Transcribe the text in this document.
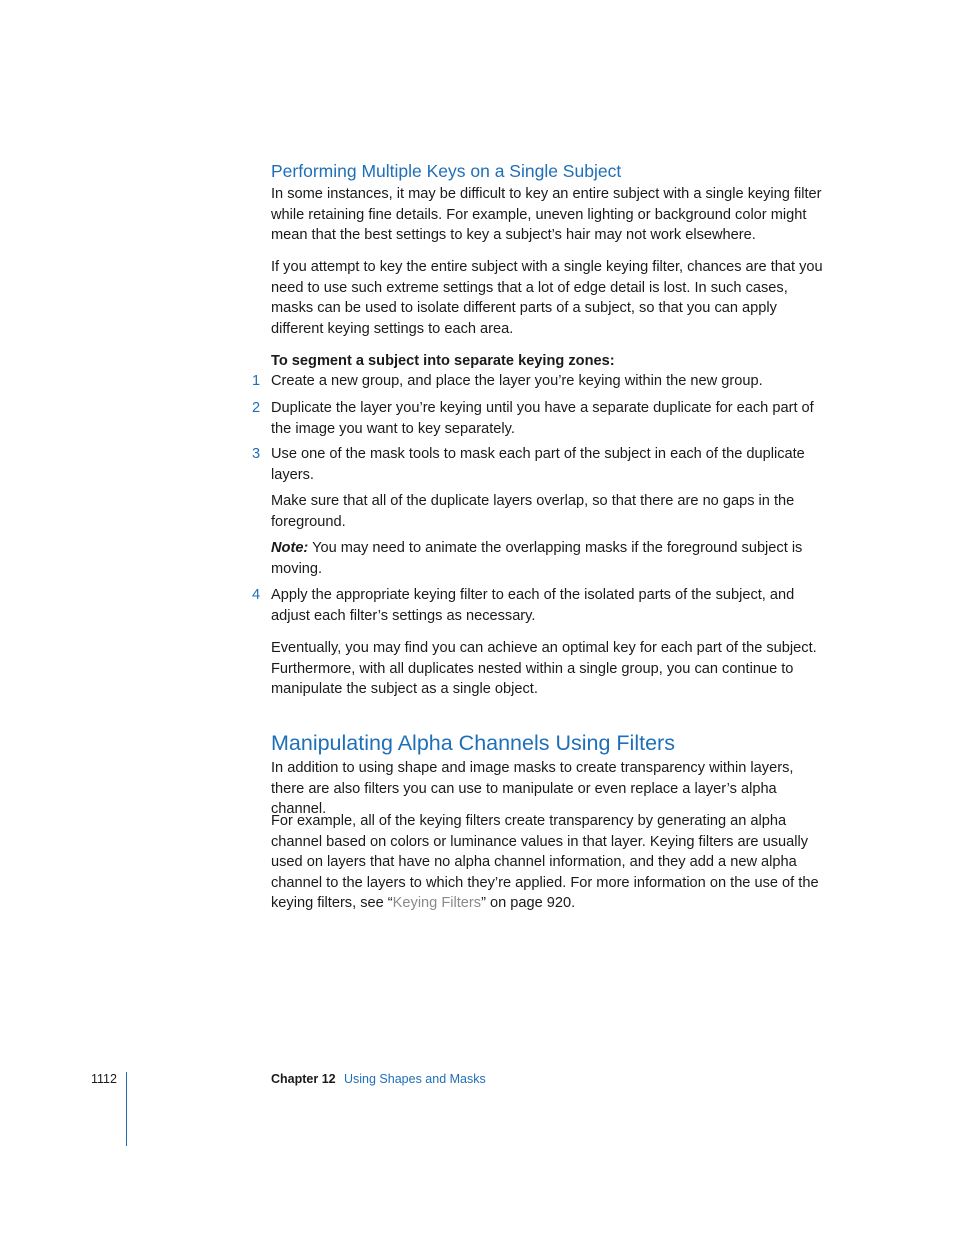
Performing Multiple Keys on a Single Subject

In some instances, it may be difficult to key an entire subject with a single keying filter while retaining fine details. For example, uneven lighting or background color might mean that the best settings to key a subject’s hair may not work elsewhere.

If you attempt to key the entire subject with a single keying filter, chances are that you need to use such extreme settings that a lot of edge detail is lost. In such cases, masks can be used to isolate different parts of a subject, so that you can apply different keying settings to each area.

To segment a subject into separate keying zones:

1 Create a new group, and place the layer you’re keying within the new group.

2 Duplicate the layer you’re keying until you have a separate duplicate for each part of the image you want to key separately.

3 Use one of the mask tools to mask each part of the subject in each of the duplicate layers.

Make sure that all of the duplicate layers overlap, so that there are no gaps in the foreground.

Note: You may need to animate the overlapping masks if the foreground subject is moving.

4 Apply the appropriate keying filter to each of the isolated parts of the subject, and adjust each filter’s settings as necessary.

Eventually, you may find you can achieve an optimal key for each part of the subject. Furthermore, with all duplicates nested within a single group, you can continue to manipulate the subject as a single object.

Manipulating Alpha Channels Using Filters

In addition to using shape and image masks to create transparency within layers, there are also filters you can use to manipulate or even replace a layer’s alpha channel.

For example, all of the keying filters create transparency by generating an alpha channel based on colors or luminance values in that layer. Keying filters are usually used on layers that have no alpha channel information, and they add a new alpha channel to the layers to which they’re applied. For more information on the use of the keying filters, see “Keying Filters” on page 920.

1112	Chapter 12 Using Shapes and Masks
